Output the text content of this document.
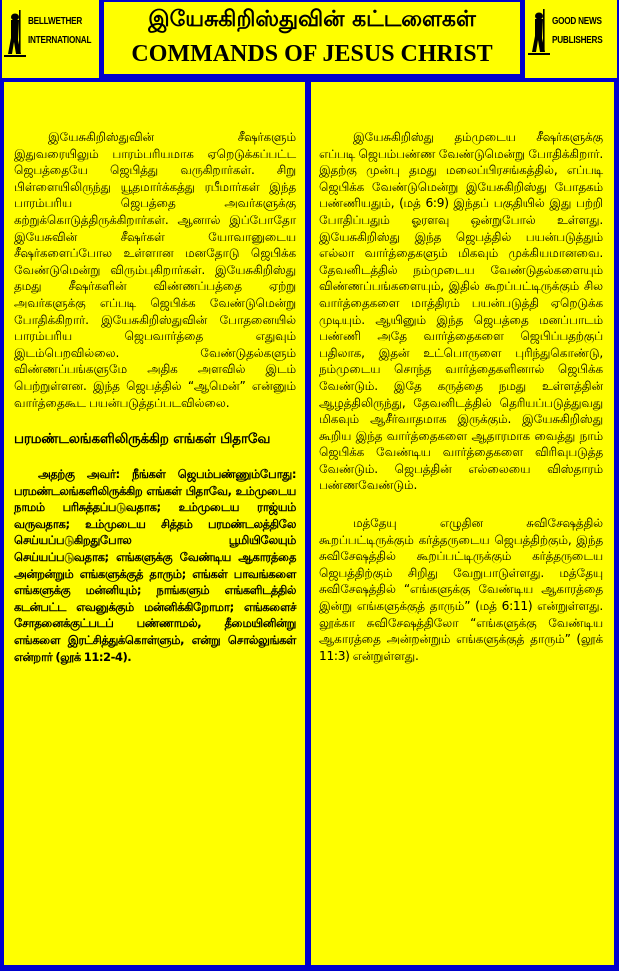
BELLWETHER
INTERNATIONAL
இயேசுகிறிஸ்துவின் கட்டளைகள்
COMMANDS OF JESUS CHRIST
GOOD NEWS
PUBLISHERS

இயேசுகிறிஸ்துவின் சீஷர்களும் இதுவரையிலும் பாரம்பரியமாக ஏறெடுக்கப்பட்ட ஜெபத்தையே ஜெபித்து வருகிறார்கள். சிறு பிள்ளையிலிருந்து யூதமார்க்கத்து ரபீமார்கள் இந்த பாரம்பரிய ஜெபத்தை அவர்களுக்கு கற்றுக்கொடுத்திருக்கிறார்கள். ஆனால் இப்போதோ இயேசுவின் சீஷர்கள் யோவானுடைய சீஷர்களைப்போல உள்ளான மனதோடு ஜெபிக்க வேண்டுமென்று விரும்புகிறார்கள். இயேசுகிறிஸ்து தமது சீஷர்களின் விண்ணப்பத்தை ஏற்று அவர்களுக்கு எப்படி ஜெபிக்க வேண்டுமென்று போதிக்கிறார். இயேசுகிறிஸ்துவின் போதனையில் பாரம்பரிய ஜெபவார்த்தை எதுவும் இடம்பெறவில்லை. வேண்டுதல்களும் விண்ணப்பங்களுமே அதிக அளவில் இடம் பெற்றுள்ளன. இந்த ஜெபத்தில் “ஆமென்” என்னும் வார்த்தைகூட பயன்படுத்தப்படவில்லை.

பரமண்டலங்களிலிருக்கிற எங்கள் பிதாவே

அதற்கு அவர்: நீங்கள் ஜெபம்பண்ணும்போது: பரமண்டலங்களிலிருக்கிற எங்கள் பிதாவே, உம்முடைய நாமம் பரிசுத்தப்படுவதாக; உம்முடைய ராஜ்யம் வருவதாக; உம்முடைய சித்தம் பரமண்டலத்திலே செய்யப்படுகிறதுபோல பூமியிலேயும் செய்யப்படுவதாக; எங்களுக்கு வேண்டிய ஆகாரத்தை அன்றன்றும் எங்களுக்குத் தாரும்; எங்கள் பாவங்களை எங்களுக்கு மன்னியும்; நாங்களும் எங்களிடத்தில் கடன்பட்ட எவனுக்கும் மன்னிக்கிறோமா; எங்களைச் சோதனைக்குட்படப் பண்ணாமல், தீமையினின்று எங்களை இரட்சித்துக்கொள்ளும், என்று சொல்லுங்கள் என்றார் (லூக் 11:2-4).

இயேசுகிறிஸ்து தம்முடைய சீஷர்களுக்கு எப்படி ஜெபம்பண்ண வேண்டுமென்று போதிக்கிறார். இதற்கு முன்பு தமது மலைப்பிரசங்கத்தில், எப்படி ஜெபிக்க வேண்டுமென்று இயேசுகிறிஸ்து போதகம் பண்ணியதும், (மத் 6:9) இந்தப் பகுதியில் இது பற்றி போதிப்பதும் ஓரளவு ஒன்றுபோல் உள்ளது. இயேசுகிறிஸ்து இந்த ஜெபத்தில் பயன்படுத்தும் எல்லா வார்த்தைகளும் மிகவும் முக்கியமானவை. தேவனிடத்தில் நம்முடைய வேண்டுதல்களையும் விண்ணப்பங்களையும், இதில் கூறப்பட்டிருக்கும் சில வார்த்தைகளை மாத்திரம் பயன்படுத்தி ஏறெடுக்க முடியும். ஆயினும் இந்த ஜெபத்தை மனப்பாடம் பண்ணி அதே வார்த்தைகளை ஜெபிப்பதற்குப் பதிலாக, இதன் உட்பொருளை புரிந்துகொண்டு, நம்முடைய சொந்த வார்த்தைகளினால் ஜெபிக்க வேண்டும். இதே கருத்தை நமது உள்ளத்தின் ஆழத்திலிருந்து, தேவனிடத்தில் தெரியப்படுத்துவது மிகவும் ஆசீர்வாதமாக இருக்கும். இயேசுகிறிஸ்து கூறிய இந்த வார்த்தைகளை ஆதாரமாக வைத்து நாம் ஜெபிக்க வேண்டிய வார்த்தைகளை விரிவுபடுத்த வேண்டும். ஜெபத்தின் எல்லையை விஸ்தாரம் பண்ணவேண்டும்.

மத்தேயு எழுதின சுவிசேஷத்தில் கூறப்பட்டிருக்கும் கர்த்தருடைய ஜெபத்திற்கும், இந்த சுவிசேஷத்தில் கூறப்பட்டிருக்கும் கர்த்தருடைய ஜெபத்திற்கும் சிறிது வேறுபாடுள்ளது. மத்தேயு சுவிசேஷத்தில் “எங்களுக்கு வேண்டிய ஆகாரத்தை இன்று எங்களுக்குத் தாரும்” (மத் 6:11) என்றுள்ளது. லூக்கா சுவிசேஷத்திலோ “எங்களுக்கு வேண்டிய ஆகாரத்தை அன்றன்றும் எங்களுக்குத் தாரும்” (லூக் 11:3) என்றுள்ளது.
